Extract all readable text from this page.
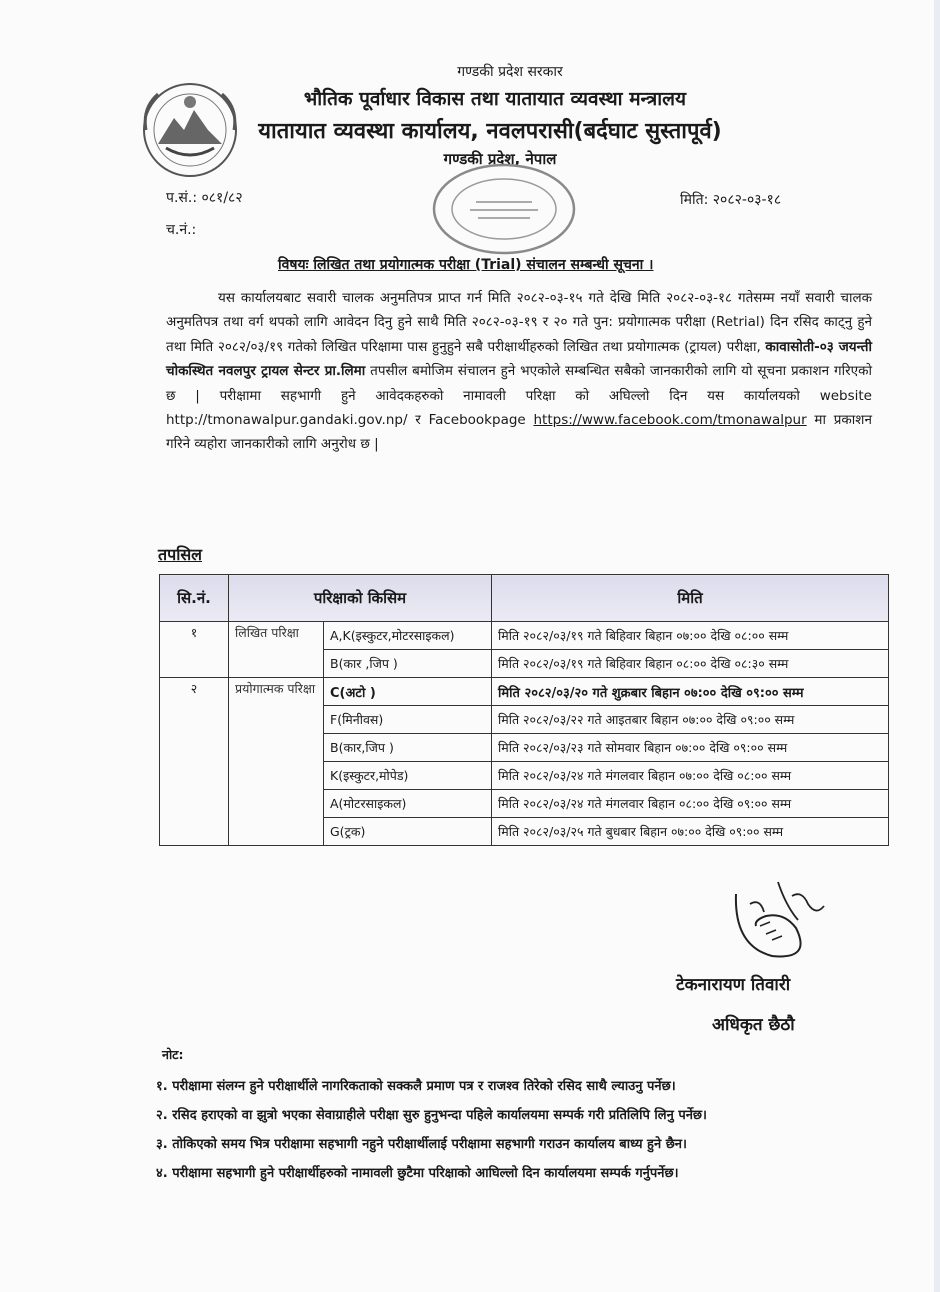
गण्डकी प्रदेश सरकार
भौतिक पूर्वाधार विकास तथा यातायात व्यवस्था मन्त्रालय
यातायात व्यवस्था कार्यालय, नवलपरासी(बर्दघाट सुस्तापूर्व)
गण्डकी प्रदेश, नेपाल
प.सं.: ०८१/८२
च.नं.:
मिति: २०८२-०३-१८
विषयः लिखित तथा प्रयोगात्मक परीक्षा (Trial) संचालन सम्बन्धी सूचना ।

यस कार्यालयबाट सवारी चालक अनुमतिपत्र प्राप्त गर्न मिति २०८२-०३-१५ गते देखि मिति २०८२-०३-१८ गतेसम्म नयाँ सवारी चालक अनुमतिपत्र तथा वर्ग थपको लागि आवेदन दिनु हुने साथै मिति २०८२-०३-१९ र २० गते पुन: प्रयोगात्मक परीक्षा (Retrial) दिन रसिद काट्नु हुने तथा मिति २०८२/०३/१९ गतेको लिखित परिक्षामा पास हुनुहुने सबै परीक्षार्थीहरुको लिखित तथा प्रयोगात्मक (ट्रायल) परीक्षा, कावासोती-०३ जयन्ती चोकस्थित नवलपुर ट्रायल सेन्टर प्रा.लिमा तपसील बमोजिम संचालन हुने भएकोले सम्बन्धित सबैको जानकारीको लागि यो सूचना प्रकाशन गरिएको छ | परीक्षामा सहभागी हुने आवेदकहरुको नामावली परिक्षा को अघिल्लो दिन यस कार्यालयको website http://tmonawalpur.gandaki.gov.np/ र Facebookpage https://www.facebook.com/tmonawalpur मा प्रकाशन गरिने व्यहोरा जानकारीको लागि अनुरोध छ |

तपसिल
सि.नं.	परिक्षाको किसिम		मिति
१	लिखित परिक्षा	A,K(इस्कुटर,मोटरसाइकल)	मिति २०८२/०३/१९ गते बिहिवार बिहान ०७:०० देखि ०८:०० सम्म
		B(कार ,जिप )	मिति २०८२/०३/१९ गते बिहिवार बिहान ०८:०० देखि ०८:३० सम्म
२	प्रयोगात्मक परिक्षा	C(अटो )	मिति २०८२/०३/२० गते शुक्रबार बिहान ०७:०० देखि ०९:०० सम्म
		F(मिनीवस)	मिति २०८२/०३/२२ गते आइतबार बिहान ०७:०० देखि ०९:०० सम्म
		B(कार,जिप )	मिति २०८२/०३/२३ गते सोमवार बिहान ०७:०० देखि ०९:०० सम्म
		K(इस्कुटर,मोपेड)	मिति २०८२/०३/२४ गते मंगलवार बिहान ०७:०० देखि ०८:०० सम्म
		A(मोटरसाइकल)	मिति २०८२/०३/२४ गते मंगलवार बिहान ०८:०० देखि ०९:०० सम्म
		G(ट्रक)	मिति २०८२/०३/२५ गते बुधबार बिहान ०७:०० देखि ०९:०० सम्म
टेकनारायण तिवारी
अधिकृत छैठौ
नोट:
१. परीक्षामा संलग्न हुने परीक्षार्थीले नागरिकताको सक्कलै प्रमाण पत्र र राजश्व तिरेको रसिद साथै ल्याउनु पर्नेछ।
२. रसिद हराएको वा झुत्रो भएका सेवाग्राहीले परीक्षा सुरु हुनुभन्दा पहिले कार्यालयमा सम्पर्क गरी प्रतिलिपि लिनु पर्नेछ।
३. तोकिएको समय भित्र परीक्षामा सहभागी नहुने परीक्षार्थीलाई परीक्षामा सहभागी गराउन कार्यालय बाध्य हुने छैन।
४. परीक्षामा सहभागी हुने परीक्षार्थीहरुको नामावली छुटैमा परिक्षाको आघिल्लो दिन कार्यालयमा सम्पर्क गर्नुपर्नेछ।
